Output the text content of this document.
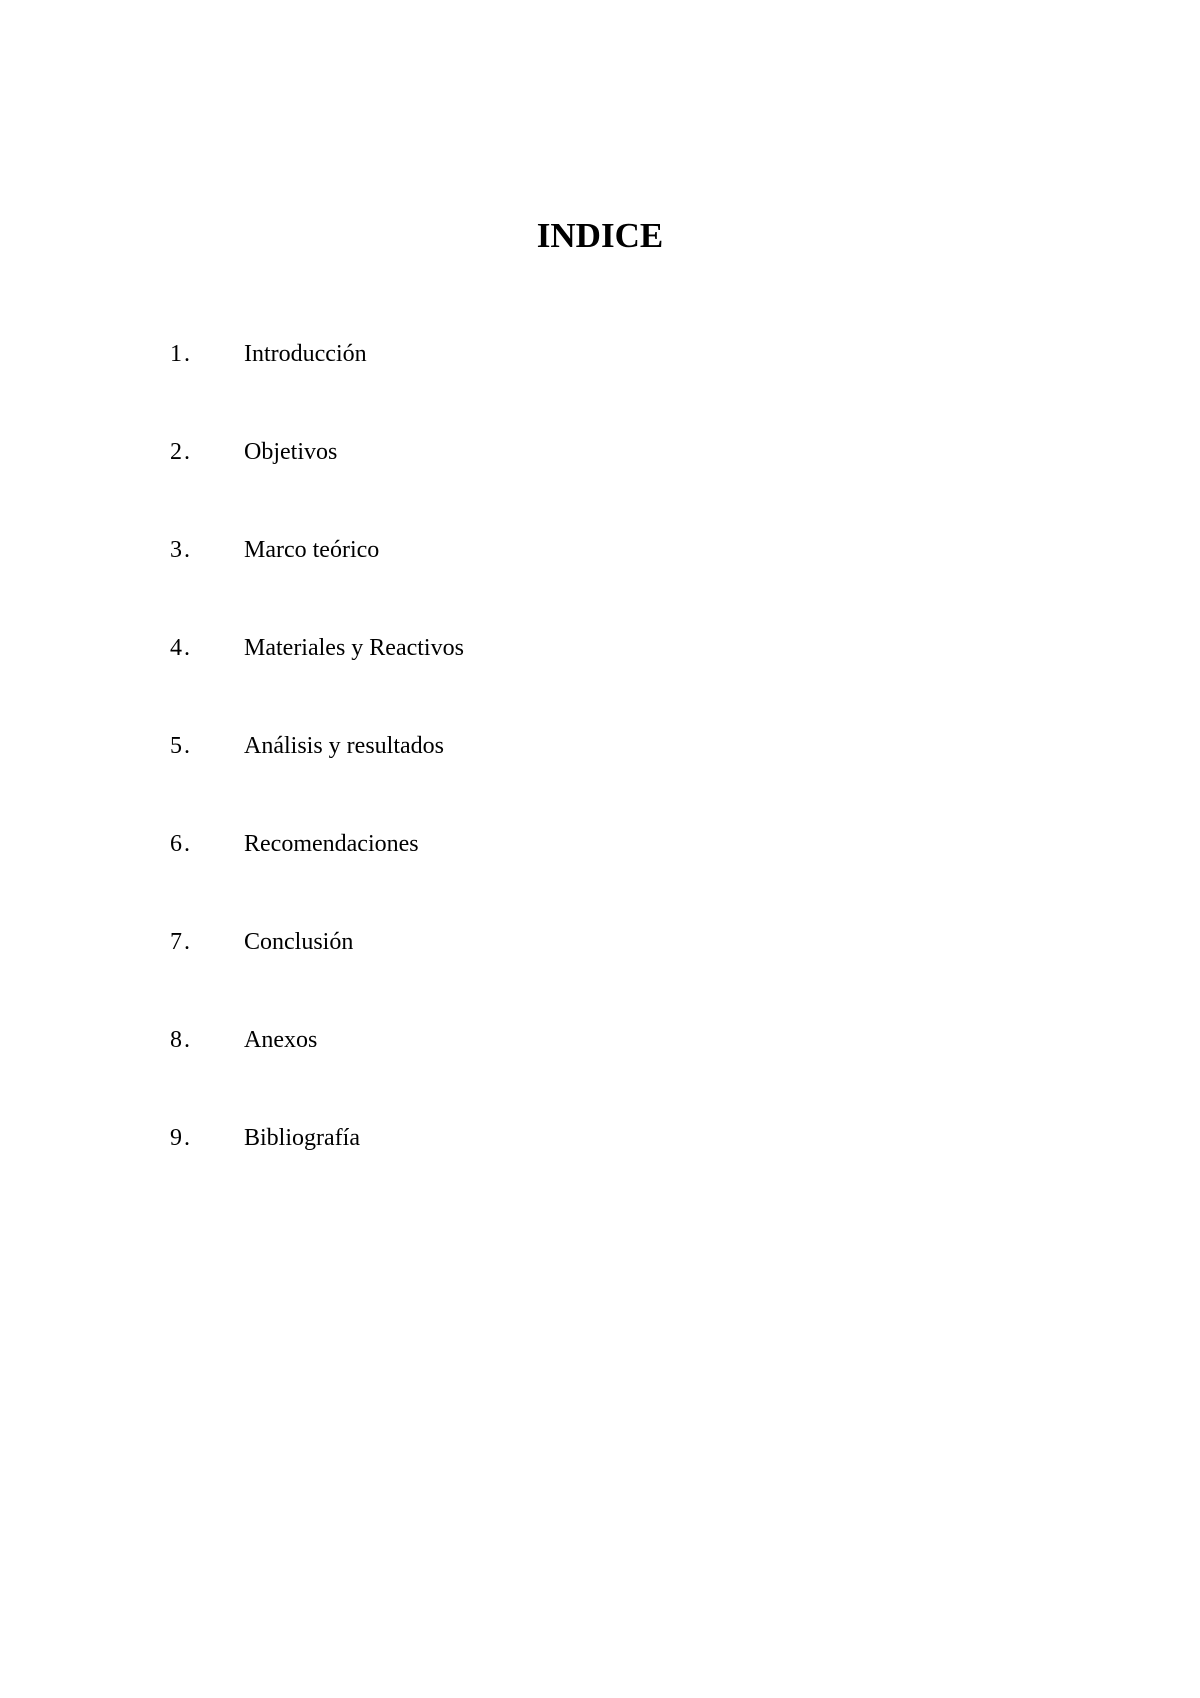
INDICE
1.	Introducción
2.	Objetivos
3.	Marco teórico
4.	Materiales y Reactivos
5.	Análisis y resultados
6.	Recomendaciones
7.	Conclusión
8.	Anexos
9.	Bibliografía
